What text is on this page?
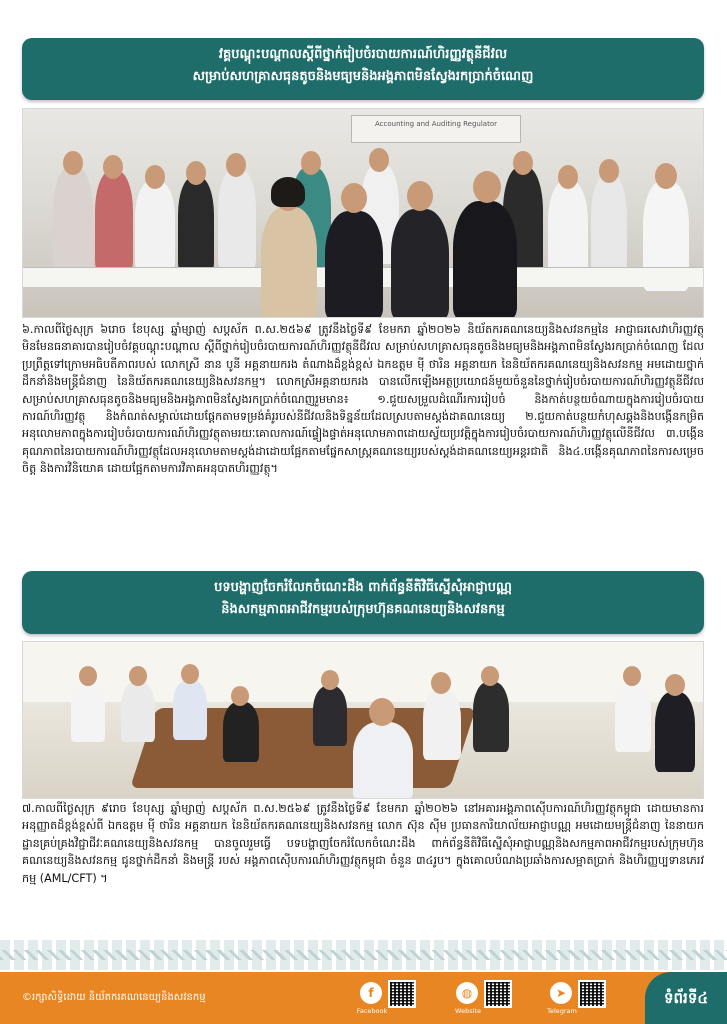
វគ្គបណ្តុះបណ្តាលស្តីពីថ្នាក់រៀបចំរបាយការណ៍ហិរញ្ញវត្ថុនីជីវល
សម្រាប់សហគ្រាសធុនតូចនិងមធ្យមនិងអង្គភាពមិនស្វែងរកប្រាក់ចំណេញ
Accounting and Auditing Regulator
៦.កាលពីថ្ងៃសុក្រ ៦រោច ខែបុស្ស ឆ្នាំម្សាញ់ សប្តស័ក ព.ស.២៥៦៩ ត្រូវនឹងថ្ងៃទី៩ ខែមករា ឆ្នាំ២០២៦ និយ័តករគណនេយ្យនិងសវនកម្មនៃ អាជ្ញាធរសេវាហិរញ្ញវត្ថុមិនមែនធនាគារបានរៀបចំវគ្គបណ្តុះបណ្តាល ស្តីពីថ្នាក់រៀបចំរបាយការណ៍ហិរញ្ញវត្ថុនីជីវល សម្រាប់សហគ្រាសធុនតូចនិងមធ្យមនិងអង្គភាពមិនស្វែងរកប្រាក់ចំណេញ ដែលប្រព្រឹត្តទៅក្រោមអធិបតីភាពរបស់ លោកស្រី នាន បូនី អគ្គនាយករង តំណាងដ៏ខ្ពង់ខ្ពស់ ឯកឧត្តម ម៉ី ថារិន អគ្គនាយក នៃនិយ័តករគណនេយ្យនិងសវនកម្ម អមដោយថ្នាក់ដឹកនាំនិងមន្ត្រីជំនាញ នៃនិយ័តករគណនេយ្យនិងសវនកម្ម។ លោកស្រីអគ្គនាយករង បានលើកឡើងអត្ថប្រយោជន៍មួយចំនួននៃថ្នាក់រៀបចំរបាយការណ៍ហិរញ្ញវត្ថុនីជីវល សម្រាប់សហគ្រាសធុនតូចនិងមធ្យមនិងអង្គភាពមិនស្វែងរកប្រាក់ចំណេញរួមមាន៖ ១.ជួយសម្រួលដំណើរការរៀបចំ និងកាត់បន្ថយចំណាយក្នុងការរៀបចំរបាយការណ៍ហិរញ្ញវត្ថុ និងកំណត់សម្គាល់ដោយផ្តែកតាមទម្រង់គំរូរបស់នីជីវលនិងទិន្នន័យដែលស្របតាមស្តង់ដាគណនេយ្យ ២.ជួយកាត់បន្ថយកំហុសឆ្គងនិងបង្កើនកម្រិតអនុលោមភាពក្នុងការរៀបចំរបាយការណ៍ហិរញ្ញវត្ថុតាមរយៈគោលការណ៍ផ្ទៀងផ្ទាត់អនុលោមភាពដោយស្វ័យប្រវត្តិក្នុងការរៀបចំរបាយការណ៍ហិរញ្ញវត្ថុលើនីជីវល ៣.បង្កើនគុណភាពនៃរបាយការណ៍ហិរញ្ញវត្ថុដែលអនុលោមតាមស្តង់ដាដោយផ្អែកតាមផ្នែកសាស្ត្រគណនេយ្យរបស់ស្តង់ដាគណនេយ្យអន្តរជាតិ និង៤.បង្កើនគុណភាពនៃការសម្រេចចិត្ត និងការវិនិយោគ ដោយផ្អែកតាមការវិភាគអនុបាតហិរញ្ញវត្ថុ។
បទបង្ហាញចែករំលែកចំណេះដឹង ពាក់ព័ន្ធនីតិវិធីស្នើសុំអាជ្ញាបណ្ណ
និងសកម្មភាពអាជីវកម្មរបស់ក្រុមហ៊ុនគណនេយ្យនិងសវនកម្ម
៧.កាលពីថ្ងៃសុក្រ ៩រោច ខែបុស្ស ឆ្នាំម្សាញ់ សប្តស័ក ព.ស.២៥៦៩ ត្រូវនឹងថ្ងៃទី៩ ខែមករា ឆ្នាំ២០២៦ នៅអគារអង្គភាពស៊ើបការណ៍ហិរញ្ញវត្ថុកម្ពុជា ដោយមានការអនុញ្ញាតដ៏ខ្ពង់ខ្ពស់ពី ឯកឧត្តម ម៉ី ថារិន អគ្គនាយក នៃនិយ័តករគណនេយ្យនិងសវនកម្ម លោក ស៊ុន ស៊ីម ប្រធានការិយាល័យអាជ្ញាបណ្ណ អមដោយមន្ត្រីជំនាញ នៃនាយកដ្ឋានគ្រប់គ្រងវិជ្ជាជីវៈគណនេយ្យនិងសវនកម្ម បានចូលរួមធ្វើ បទបង្ហាញចែករំលែកចំណេះដឹង ពាក់ព័ន្ធនីតិវិធីស្នើសុំអាជ្ញាបណ្ណនិងសកម្មភាពអាជីវកម្មរបស់ក្រុមហ៊ុនគណនេយ្យនិងសវនកម្ម ជូនថ្នាក់ដឹកនាំ និងមន្ត្រី របស់ អង្គភាពស៊ើបការណ៍ហិរញ្ញវត្ថុកម្ពុជា ចំនួន ៣៤រូប។ ក្នុងគោលបំណងប្រឆាំងការសម្អាតប្រាក់ និងហិរញ្ញប្បទានភេរវកម្ម (AML/CFT) ។
©រក្សាសិទ្ធិដោយ និយ័តករគណនេយ្យនិងសវនកម្ម	f
Facebook
◍
Website
➤
Telegram
ទំព័រទី៤
